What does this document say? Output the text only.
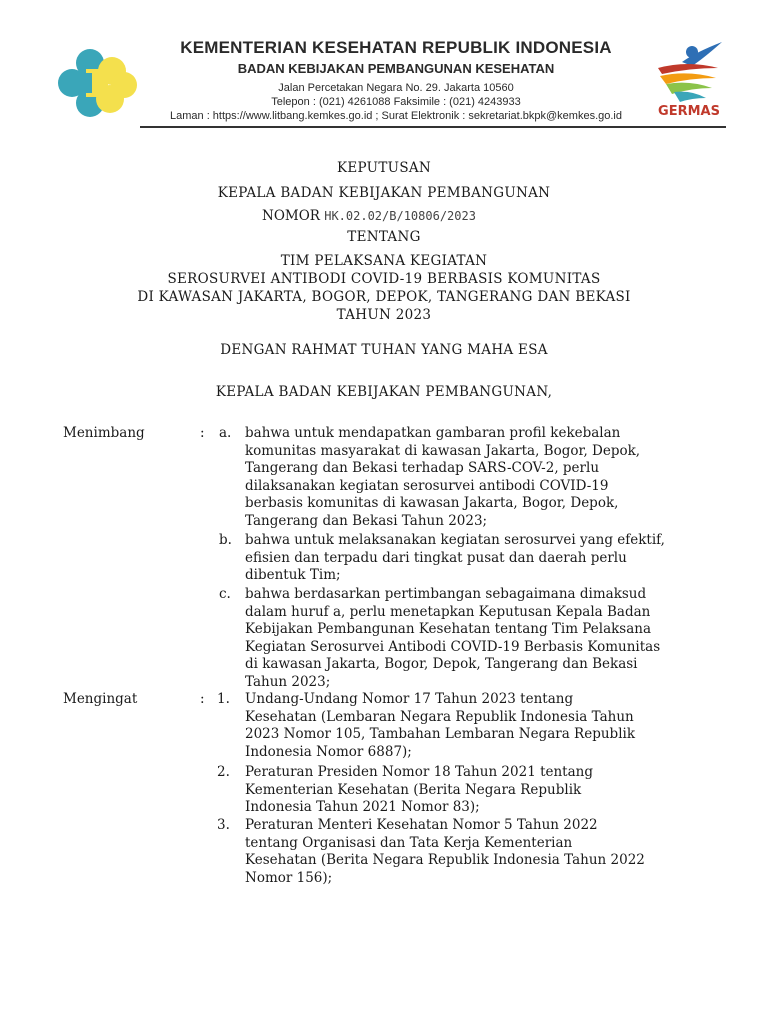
KEMENTERIAN KESEHATAN REPUBLIK INDONESIA

BADAN KEBIJAKAN PEMBANGUNAN KESEHATAN

Jalan Percetakan Negara No. 29. Jakarta 10560

Telepon : (021) 4261088 Faksimile : (021) 4243933

Laman : https://www.litbang.kemkes.go.id ; Surat Elektronik : sekretariat.bkpk@kemkes.go.id	GERMAS

KEPUTUSAN

KEPALA BADAN KEBIJAKAN PEMBANGUNAN

NOMOR HK.02.02/B/10806/2023

TENTANG

TIM PELAKSANA KEGIATAN

SEROSURVEI ANTIBODI COVID-19 BERBASIS KOMUNITAS

DI KAWASAN JAKARTA, BOGOR, DEPOK, TANGERANG DAN BEKASI

TAHUN 2023

DENGAN RAHMAT TUHAN YANG MAHA ESA

KEPALA BADAN KEBIJAKAN PEMBANGUNAN,

Menimbang	: a. bahwa untuk mendapatkan gambaran profil kekebalan
komunitas masyarakat di kawasan Jakarta, Bogor, Depok,
Tangerang dan Bekasi terhadap SARS-COV-2, perlu
dilaksanakan kegiatan serosurvei antibodi COVID-19
berbasis komunitas di kawasan Jakarta, Bogor, Depok,
Tangerang dan Bekasi Tahun 2023;
b. bahwa untuk melaksanakan kegiatan serosurvei yang efektif,
efisien dan terpadu dari tingkat pusat dan daerah perlu
dibentuk Tim;
c. bahwa berdasarkan pertimbangan sebagaimana dimaksud
dalam huruf a, perlu menetapkan Keputusan Kepala Badan
Kebijakan Pembangunan Kesehatan tentang Tim Pelaksana
Kegiatan Serosurvei Antibodi COVID-19 Berbasis Komunitas
di kawasan Jakarta, Bogor, Depok, Tangerang dan Bekasi
Tahun 2023;
Mengingat	: 1. Undang-Undang Nomor 17 Tahun 2023 tentang
Kesehatan (Lembaran Negara Republik Indonesia Tahun
2023 Nomor 105, Tambahan Lembaran Negara Republik
Indonesia Nomor 6887);
2. Peraturan Presiden Nomor 18 Tahun 2021 tentang
Kementerian Kesehatan (Berita Negara Republik
Indonesia Tahun 2021 Nomor 83);
3. Peraturan Menteri Kesehatan Nomor 5 Tahun 2022
tentang Organisasi dan Tata Kerja Kementerian
Kesehatan (Berita Negara Republik Indonesia Tahun 2022
Nomor 156);
